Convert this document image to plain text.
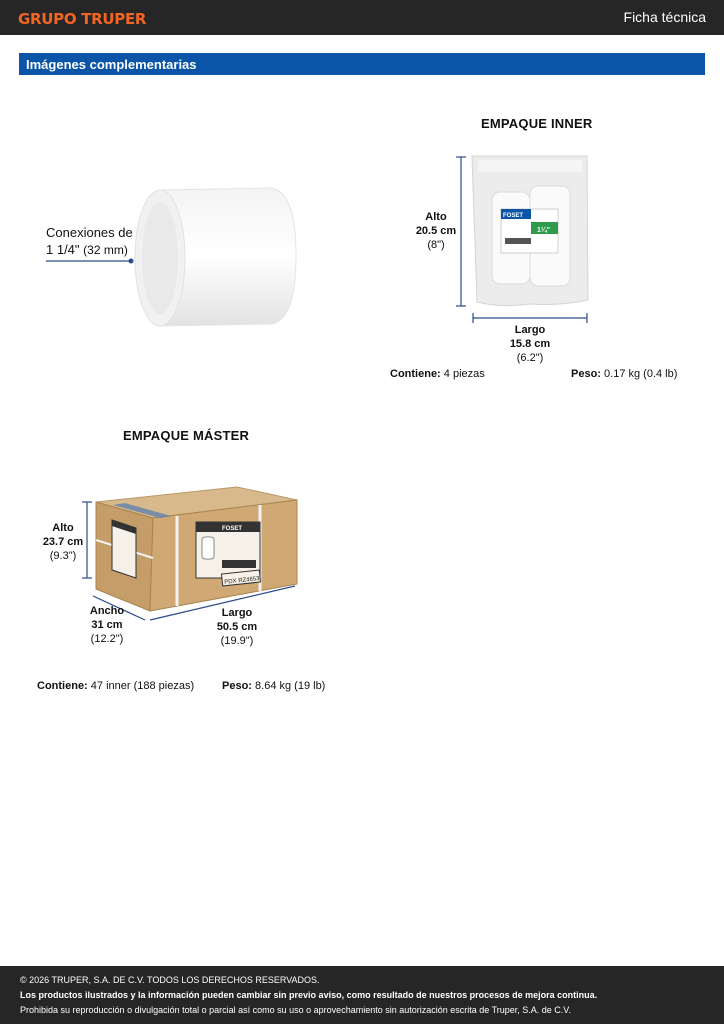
GRUPO TRUPER	Ficha técnica
Imágenes complementarias
Conexiones de
1 1/4" (32 mm)
EMPAQUE INNER
FOSET
1¼"
Alto
20.5 cm
(8")
Largo
15.8 cm
(6.2")
Contiene: 4 piezas	Peso: 0.17 kg (0.4 lb)
EMPAQUE MÁSTER
FOSET
PDX RZ4653
Alto
23.7 cm
(9.3")
Ancho
31 cm
(12.2")
Largo
50.5 cm
(19.9")
Contiene: 47 inner (188 piezas)	Peso: 8.64 kg (19 lb)
© 2026 TRUPER, S.A. DE C.V. TODOS LOS DERECHOS RESERVADOS.
Los productos ilustrados y la información pueden cambiar sin previo aviso, como resultado de nuestros procesos de mejora continua.
Prohibida su reproducción o divulgación total o parcial así como su uso o aprovechamiento sin autorización escrita de Truper, S.A. de C.V.
